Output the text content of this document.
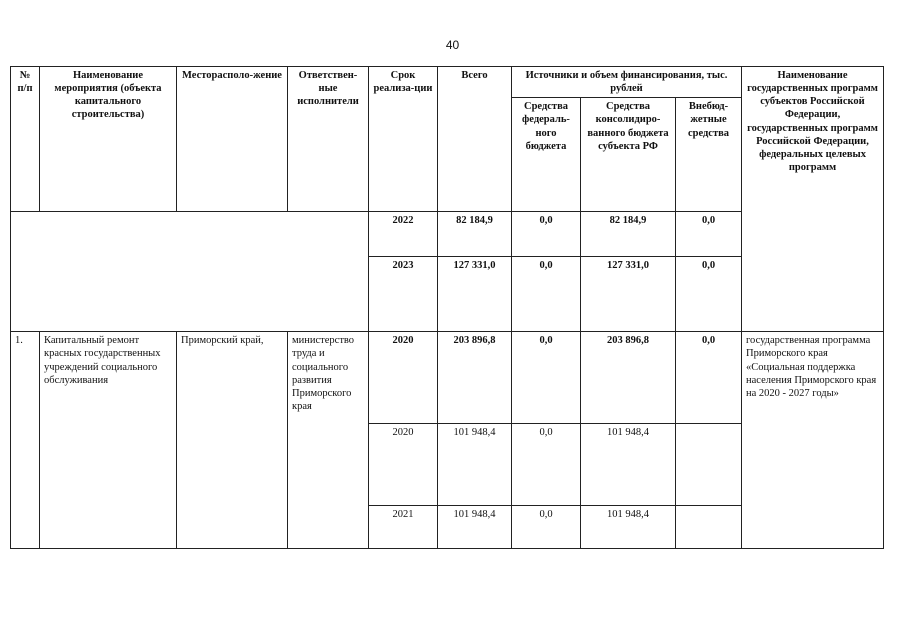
40
№ п/п	Наименование мероприятия (объекта капитального строительства)	Месторасполо-жение	Ответствен-ные исполнители	Срок реализа-ции	Всего	Источники и объем финансирования, тыс. рублей			Наименование государственных программ субъектов Российской Федерации, государственных программ Российской Федерации, федеральных целевых программ	
						Средства федераль-ного бюджета	Средства консолидиро-ванного бюджета субъекта РФ	Внебюд-жетные средства		
				2022	82 184,9	0,0	82 184,9	0,0		
				2023	127 331,0	0,0	127 331,0	0,0		
1.	Капитальный ремонт красных государственных учреждений социального обслуживания	Приморский край,	министерство труда и социального развития Приморского края	2020	203 896,8	0,0	203 896,8	0,0	государственная программа Приморского края «Социальная поддержка населения Приморского края на 2020 - 2027 годы»	
				2020	101 948,4	0,0	101 948,4			
				2021	101 948,4	0,0	101 948,4			
